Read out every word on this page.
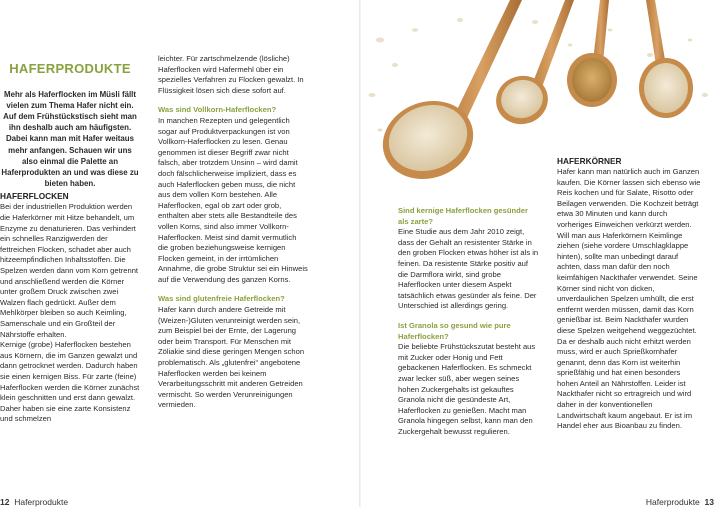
HAFERPRODUKTE

Mehr als Haferflocken im Müsli fällt vielen zum Thema Hafer nicht ein. Auf dem Frühstückstisch sieht man ihn deshalb auch am häufigsten. Dabei kann man mit Hafer weitaus mehr anfangen. Schauen wir uns also einmal die Palette an Haferprodukten an und was diese zu bieten haben.

HAFERFLOCKEN

Bei der industriellen Produktion werden die Haferkörner mit Hitze behandelt, um Enzyme zu denaturieren. Das verhindert ein schnelles Ranzigwerden der fettreichen Flocken, schadet aber auch hitzeempfindlichen Inhaltsstoffen. Die Spelzen werden dann vom Korn getrennt und anschließend werden die Körner unter großem Druck zwischen zwei Walzen flach gedrückt. Außer dem Mehlkörper bleiben so auch Keimling, Samenschale und ein Großteil der Nährstoffe erhalten.

Kernige (grobe) Haferflocken bestehen aus Körnern, die im Ganzen gewalzt und dann getrocknet werden. Dadurch haben sie einen kernigen Biss. Für zarte (feine) Haferflocken werden die Körner zunächst klein geschnitten und erst dann gewalzt. Daher haben sie eine zarte Konsistenz und schmelzen

leichter. Für zartschmelzende (lösliche) Haferflocken wird Hafermehl über ein spezielles Verfahren zu Flocken gewalzt. In Flüssigkeit lösen sich diese sofort auf.

Was sind Vollkorn-Haferflocken?

In manchen Rezepten und gelegentlich sogar auf Produktverpackungen ist von Vollkorn-Haferflocken zu lesen. Genau genommen ist dieser Begriff zwar nicht falsch, aber trotzdem Unsinn – wird damit doch fälschlicherweise impliziert, dass es auch Haferflocken geben muss, die nicht aus dem vollen Korn bestehen. Alle Haferflocken, egal ob zart oder grob, enthalten aber stets alle Bestandteile des vollen Korns, sind also immer Vollkorn-Haferflocken. Meist sind damit vermutlich die groben beziehungsweise kernigen Flocken gemeint, in der irrtümlichen Annahme, die grobe Struktur sei ein Hinweis auf die Verwendung des ganzen Korns.

Was sind glutenfreie Haferflocken?

Hafer kann durch andere Getreide mit (Weizen-)Gluten verunreinigt werden sein, zum Beispiel bei der Ernte, der Lagerung oder beim Transport. Für Menschen mit Zöliakie sind diese geringen Mengen schon problematisch. Als „glutenfrei“ angebotene Haferflocken werden bei keinem Verarbeitungsschritt mit anderen Getreiden vermischt. So werden Verunreinigungen vermieden.

Sind kernige Haferflocken gesünder als zarte?

Eine Studie aus dem Jahr 2010 zeigt, dass der Gehalt an resistenter Stärke in den groben Flocken etwas höher ist als in feinen. Da resistente Stärke positiv auf die Darmflora wirkt, sind grobe Haferflocken unter diesem Aspekt tatsächlich etwas gesünder als feine. Der Unterschied ist allerdings gering.

Ist Granola so gesund wie pure Haferflocken?

Die beliebte Frühstückszutat besteht aus mit Zucker oder Honig und Fett gebackenen Haferflocken. Es schmeckt zwar lecker süß, aber wegen seines hohen Zuckergehalts ist gekauftes Granola nicht die gesündeste Art, Haferflocken zu genießen. Macht man Granola hingegen selbst, kann man den Zuckergehalt bewusst regulieren.

HAFERKÖRNER

Hafer kann man natürlich auch im Ganzen kaufen. Die Körner lassen sich ebenso wie Reis kochen und für Salate, Risotto oder Beilagen verwenden. Die Kochzeit beträgt etwa 30 Minuten und kann durch vorheriges Einweichen verkürzt werden. Will man aus Haferkörnern Keimlinge ziehen (siehe vordere Umschlagklappe hinten), sollte man unbedingt darauf achten, dass man dafür den noch keimfähigen Nackthafer verwendet. Seine Körner sind nicht von dicken, unverdaulichen Spelzen umhüllt, die erst entfernt werden müssen, damit das Korn genießbar ist. Beim Nackthafer wurden diese Spelzen weitgehend weggezüchtet. Da er deshalb auch nicht erhitzt werden muss, wird er auch Sprießkornhafer genannt, denn das Korn ist weiterhin sprießfähig und hat einen besonders hohen Anteil an Nährstoffen. Leider ist Nackthafer nicht so ertragreich und wird daher in der konventionellen Landwirtschaft kaum angebaut. Er ist im Handel eher aus Bioanbau zu finden.

12 Haferprodukte	Haferprodukte 13
